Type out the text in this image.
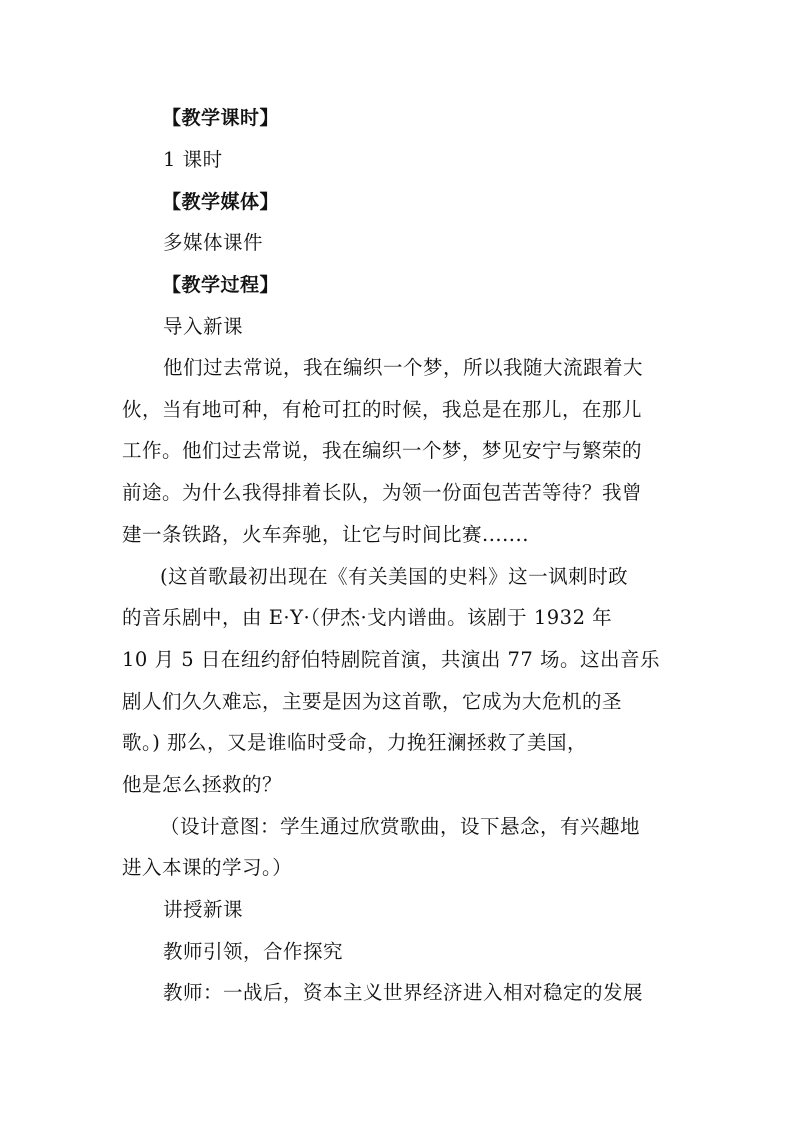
【教学课时】
1 课时
【教学媒体】
多媒体课件
【教学过程】
导入新课
他们过去常说，我在编织一个梦，所以我随大流跟着大
伙，当有地可种，有枪可扛的时候，我总是在那儿，在那儿
工作。他们过去常说，我在编织一个梦，梦见安宁与繁荣的
前途。为什么我得排着长队，为领一份面包苦苦等待？我曾
建一条铁路，火车奔驰，让它与时间比赛.......
(这首歌最初出现在《有关美国的史料》这一讽刺时政
的音乐剧中，由 E·Y·（伊杰·戈内谱曲。该剧于 1932 年
10 月 5 日在纽约舒伯特剧院首演，共演出 77 场。这出音乐
剧人们久久难忘，主要是因为这首歌，它成为大危机的圣
歌。) 那么，又是谁临时受命，力挽狂澜拯救了美国，
他是怎么拯救的？
（设计意图：学生通过欣赏歌曲，设下悬念，有兴趣地
进入本课的学习。）
讲授新课
教师引领，合作探究
教师：一战后，资本主义世界经济进入相对稳定的发展
